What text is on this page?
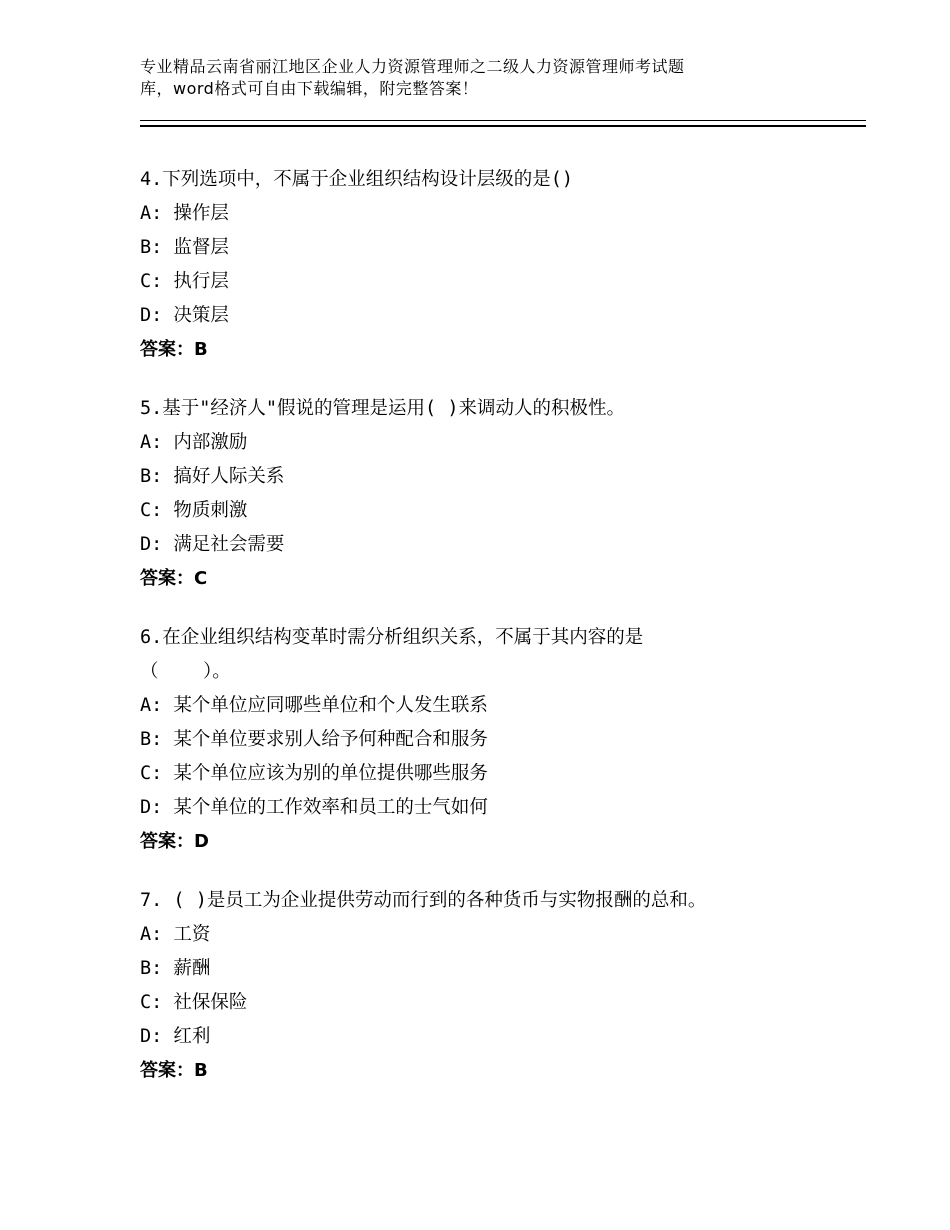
专业精品云南省丽江地区企业人力资源管理师之二级人力资源管理师考试题
库，word格式可自由下载编辑，附完整答案！
4.下列选项中，不属于企业组织结构设计层级的是()
A: 操作层
B: 监督层
C: 执行层
D: 决策层
答案：B
5.基于"经济人"假说的管理是运用( )来调动人的积极性。
A: 内部激励
B: 搞好人际关系
C: 物质刺激
D: 满足社会需要
答案：C
6.在企业组织结构变革时需分析组织关系，不属于其内容的是
（    ）。
A: 某个单位应同哪些单位和个人发生联系
B: 某个单位要求别人给予何种配合和服务
C: 某个单位应该为别的单位提供哪些服务
D: 某个单位的工作效率和员工的士气如何
答案：D
7. ( )是员工为企业提供劳动而行到的各种货币与实物报酬的总和。
A: 工资
B: 薪酬
C: 社保保险
D: 红利
答案：B
